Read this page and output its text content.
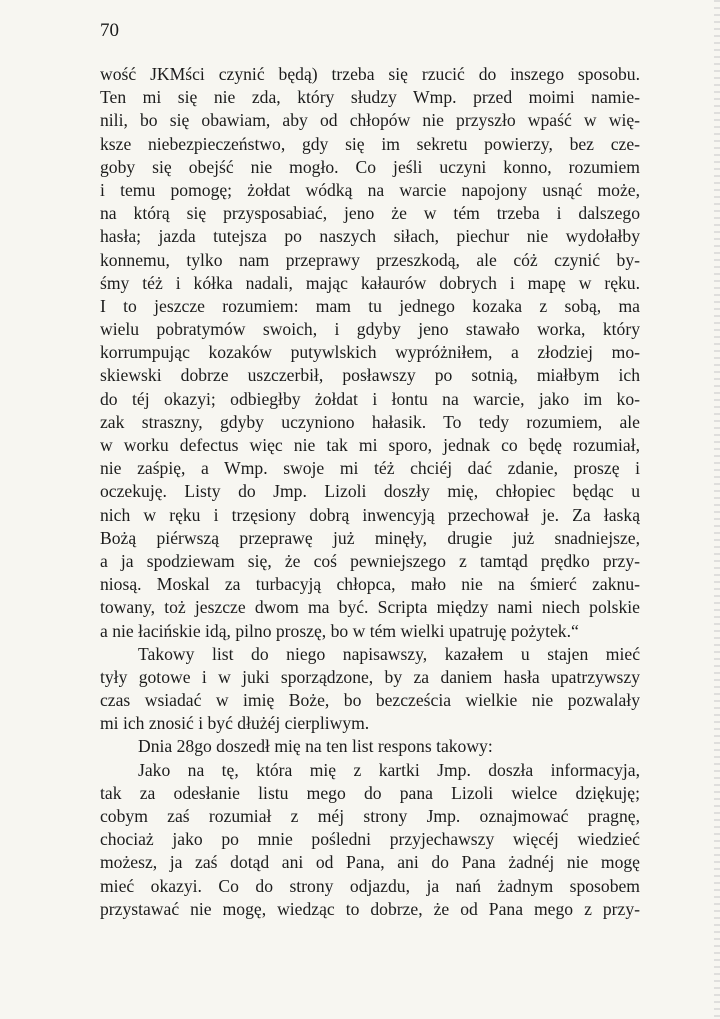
70
wość JKMści czynić będą) trzeba się rzucić do inszego sposobu.
Ten mi się nie zda, który słudzy Wmp. przed moimi namie-
nili, bo się obawiam, aby od chłopów nie przyszło wpaść w wię-
ksze niebezpieczeństwo, gdy się im sekretu powierzy, bez cze-
goby się obejść nie mogło. Co jeśli uczyni konno, rozumiem
i temu pomogę; żołdat wódką na warcie napojony usnąć może,
na którą się przysposabiać, jeno że w tém trzeba i dalszego
hasła; jazda tutejsza po naszych siłach, piechur nie wydołałby
konnemu, tylko nam przeprawy przeszkodą, ale cóż czynić by-
śmy téż i kółka nadali, mając kałaurów dobrych i mapę w ręku.
I to jeszcze rozumiem: mam tu jednego kozaka z sobą, ma
wielu pobratymów swoich, i gdyby jeno stawało worka, który
korrumpując kozaków putywlskich wypróżniłem, a złodziej mo-
skiewski dobrze uszczerbił, posławszy po sotnią, miałbym ich
do téj okazyi; odbiegłby żołdat i łontu na warcie, jako im ko-
zak straszny, gdyby uczyniono hałasik. To tedy rozumiem, ale
w worku defectus więc nie tak mi sporo, jednak co będę rozumiał,
nie zaśpię, a Wmp. swoje mi téż chciéj dać zdanie, proszę i
oczekuję. Listy do Jmp. Lizoli doszły mię, chłopiec będąc u
nich w ręku i trzęsiony dobrą inwencyją przechował je. Za łaską
Bożą piérwszą przeprawę już minęły, drugie już snadniejsze,
a ja spodziewam się, że coś pewniejszego z tamtąd prędko przy-
niosą. Moskal za turbacyją chłopca, mało nie na śmierć zaknu-
towany, toż jeszcze dwom ma być. Scripta między nami niech polskie
a nie łacińskie idą, pilno proszę, bo w tém wielki upatruję pożytek.“
Takowy list do niego napisawszy, kazałem u stajen mieć
tyły gotowe i w juki sporządzone, by za daniem hasła upatrzywszy
czas wsiadać w imię Boże, bo bezcześcia wielkie nie pozwalały
mi ich znosić i być dłużéj cierpliwym.
Dnia 28go doszedł mię na ten list respons takowy:
Jako na tę, która mię z kartki Jmp. doszła informacyja,
tak za odesłanie listu mego do pana Lizoli wielce dziękuję;
cobym zaś rozumiał z méj strony Jmp. oznajmować pragnę,
chociaż jako po mnie pośledni przyjechawszy więcéj wiedzieć
możesz, ja zaś dotąd ani od Pana, ani do Pana żadnéj nie mogę
mieć okazyi. Co do strony odjazdu, ja nań żadnym sposobem
przystawać nie mogę, wiedząc to dobrze, że od Pana mego z przy-
